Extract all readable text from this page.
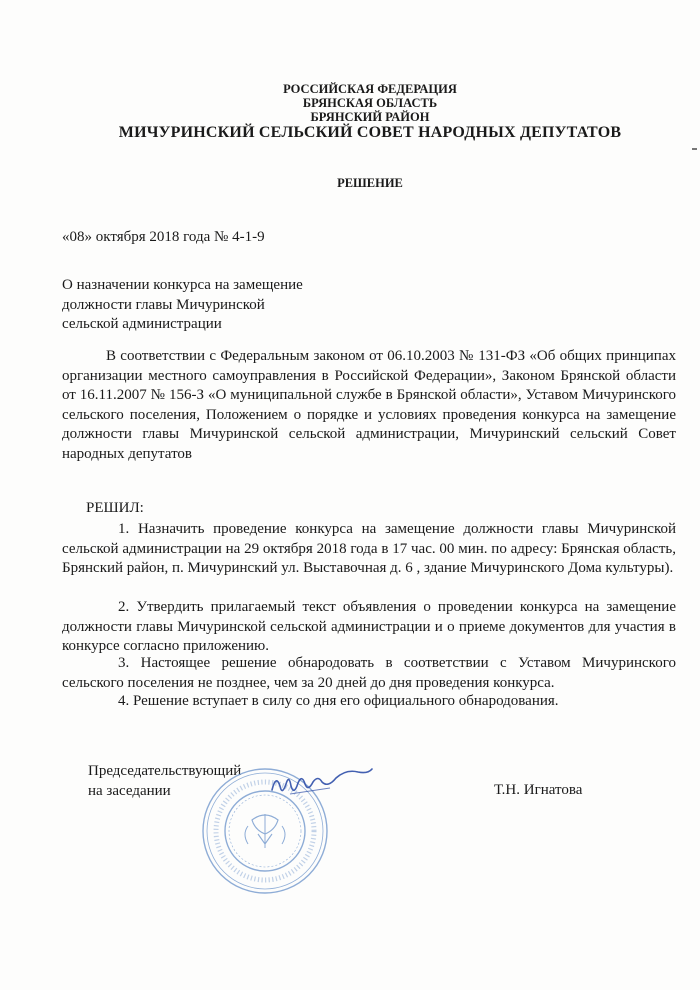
РОССИЙСКАЯ ФЕДЕРАЦИЯ
БРЯНСКАЯ ОБЛАСТЬ
БРЯНСКИЙ РАЙОН
МИЧУРИНСКИЙ СЕЛЬСКИЙ СОВЕТ НАРОДНЫХ ДЕПУТАТОВ
РЕШЕНИЕ
«08» октября 2018 года № 4-1-9
О назначении конкурса на замещение
должности главы Мичуринской
сельской администрации
В соответствии с Федеральным законом от 06.10.2003 № 131-ФЗ «Об общих принципах организации местного самоуправления в Российской Федерации», Законом Брянской области от 16.11.2007 № 156-З «О муниципальной службе в Брянской области», Уставом Мичуринского сельского поселения, Положением о порядке и условиях проведения конкурса на замещение должности главы Мичуринской сельской администрации, Мичуринский сельский Совет народных депутатов
РЕШИЛ:
1. Назначить проведение конкурса на замещение должности главы Мичуринской сельской администрации на 29 октября 2018 года в 17 час. 00 мин. по адресу: Брянская область, Брянский район, п. Мичуринский ул. Выставочная д. 6 , здание Мичуринского Дома культуры).
2. Утвердить прилагаемый текст объявления о проведении конкурса на замещение должности главы Мичуринской сельской администрации и о приеме документов для участия в конкурсе согласно приложению.
3. Настоящее решение обнародовать в соответствии с Уставом Мичуринского сельского поселения не позднее, чем за 20 дней до дня проведения конкурса.
4. Решение вступает в силу со дня его официального обнародования.
Председательствующий
на заседании	Т.Н. Игнатова
